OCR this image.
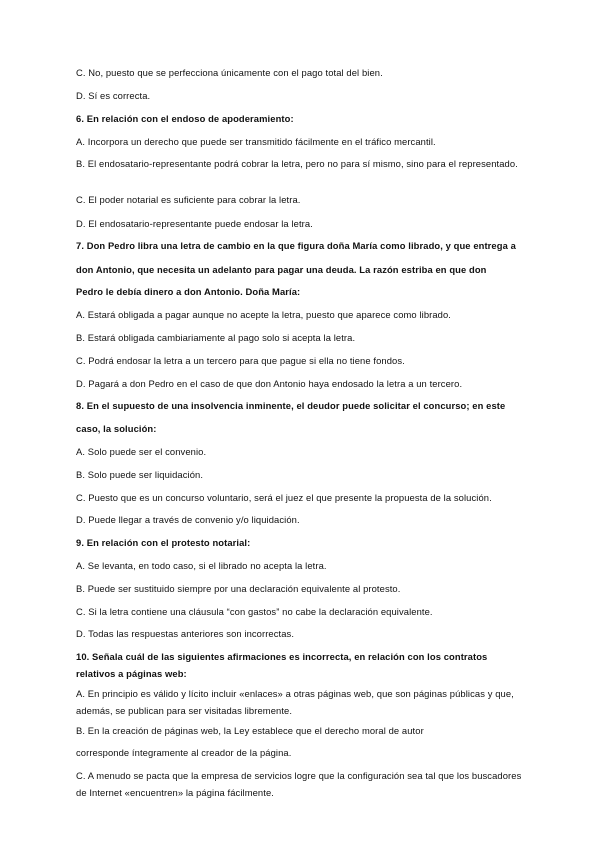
C. No, puesto que se perfecciona únicamente con el pago total del bien.
D. Sí es correcta.
6. En relación con el endoso de apoderamiento:
A. Incorpora un derecho que puede ser transmitido fácilmente en el tráfico mercantil.
B. El endosatario-representante podrá cobrar la letra, pero no para sí mismo, sino para el representado.
C. El poder notarial es suficiente para cobrar la letra.
D. El endosatario-representante puede endosar la letra.
7. Don Pedro libra una letra de cambio en la que figura doña María como librado, y que entrega a
don Antonio, que necesita un adelanto para pagar una deuda. La razón estriba en que don
Pedro le debía dinero a don Antonio. Doña María:
A. Estará obligada a pagar aunque no acepte la letra, puesto que aparece como librado.
B. Estará obligada cambiariamente al pago solo si acepta la letra.
C. Podrá endosar la letra a un tercero para que pague si ella no tiene fondos.
D. Pagará a don Pedro en el caso de que don Antonio haya endosado la letra a un tercero.
8. En el supuesto de una insolvencia inminente, el deudor puede solicitar el concurso; en este
caso, la solución:
A. Solo puede ser el convenio.
B. Solo puede ser liquidación.
C. Puesto que es un concurso voluntario, será el juez el que presente la propuesta de la solución.
D. Puede llegar a través de convenio y/o liquidación.
9. En relación con el protesto notarial:
A. Se levanta, en todo caso, si el librado no acepta la letra.
B. Puede ser sustituido siempre por una declaración equivalente al protesto.
C. Si la letra contiene una cláusula “con gastos” no cabe la declaración equivalente.
D. Todas las respuestas anteriores son incorrectas.
10. Señala cuál de las siguientes afirmaciones es incorrecta, en relación con los contratos relativos a páginas web:
A. En principio es válido y lícito incluir «enlaces» a otras páginas web, que son páginas públicas y que, además, se publican para ser visitadas libremente.
B. En la creación de páginas web, la Ley establece que el derecho moral de autor
corresponde íntegramente al creador de la página.
C. A menudo se pacta que la empresa de servicios logre que la configuración sea tal que los buscadores de Internet «encuentren» la página fácilmente.
